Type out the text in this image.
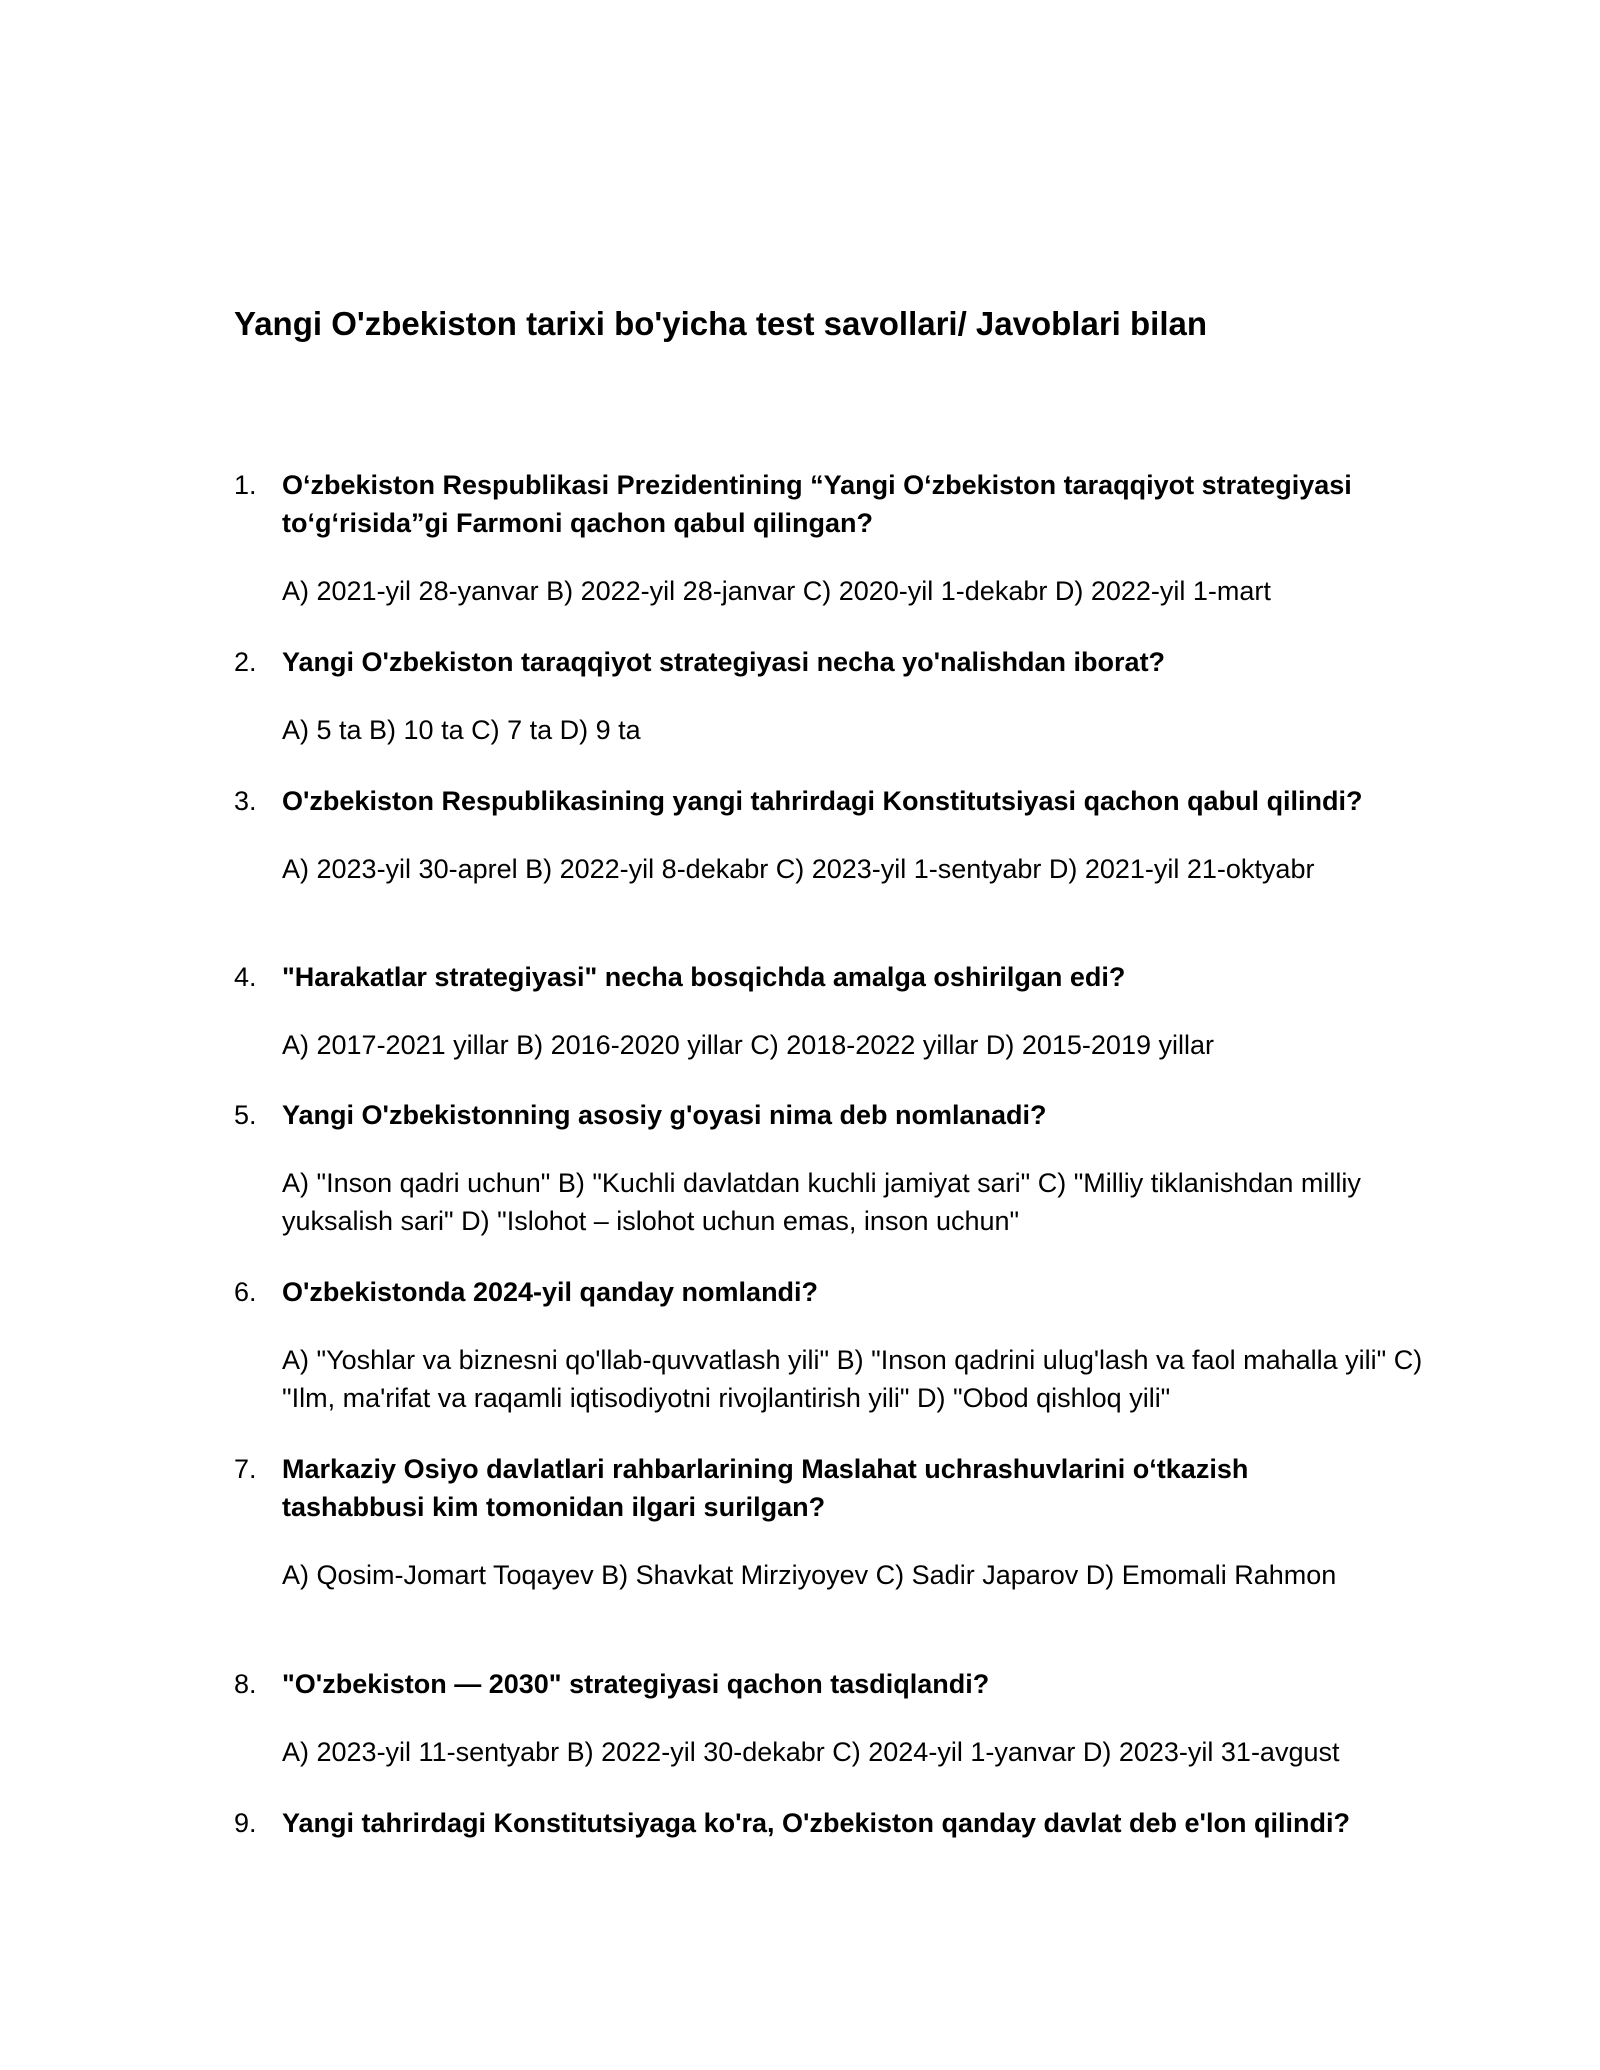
Yangi O'zbekiston tarixi bo'yicha test savollari/ Javoblari bilan
1. O‘zbekiston Respublikasi Prezidentining “Yangi O‘zbekiston taraqqiyot strategiyasi to‘g‘risida”gi Farmoni qachon qabul qilingan?
A) 2021-yil 28-yanvar B) 2022-yil 28-janvar C) 2020-yil 1-dekabr D) 2022-yil 1-mart
2. Yangi O'zbekiston taraqqiyot strategiyasi necha yo'nalishdan iborat?
A) 5 ta B) 10 ta C) 7 ta D) 9 ta
3. O'zbekiston Respublikasining yangi tahrirdagi Konstitutsiyasi qachon qabul qilindi?
A) 2023-yil 30-aprel B) 2022-yil 8-dekabr C) 2023-yil 1-sentyabr D) 2021-yil 21-oktyabr
4. "Harakatlar strategiyasi" necha bosqichda amalga oshirilgan edi?
A) 2017-2021 yillar B) 2016-2020 yillar C) 2018-2022 yillar D) 2015-2019 yillar
5. Yangi O'zbekistonning asosiy g'oyasi nima deb nomlanadi?
A) "Inson qadri uchun" B) "Kuchli davlatdan kuchli jamiyat sari" C) "Milliy tiklanishdan milliy yuksalish sari" D) "Islohot – islohot uchun emas, inson uchun"
6. O'zbekistonda 2024-yil qanday nomlandi?
A) "Yoshlar va biznesni qo'llab-quvvatlash yili" B) "Inson qadrini ulug'lash va faol mahalla yili" C) "Ilm, ma'rifat va raqamli iqtisodiyotni rivojlantirish yili" D) "Obod qishloq yili"
7. Markaziy Osiyo davlatlari rahbarlarining Maslahat uchrashuvlarini o‘tkazish tashabbusi kim tomonidan ilgari surilgan?
A) Qosim-Jomart Toqayev B) Shavkat Mirziyoyev C) Sadir Japarov D) Emomali Rahmon
8. "O'zbekiston — 2030" strategiyasi qachon tasdiqlandi?
A) 2023-yil 11-sentyabr B) 2022-yil 30-dekabr C) 2024-yil 1-yanvar D) 2023-yil 31-avgust
9. Yangi tahrirdagi Konstitutsiyaga ko'ra, O'zbekiston qanday davlat deb e'lon qilindi?
